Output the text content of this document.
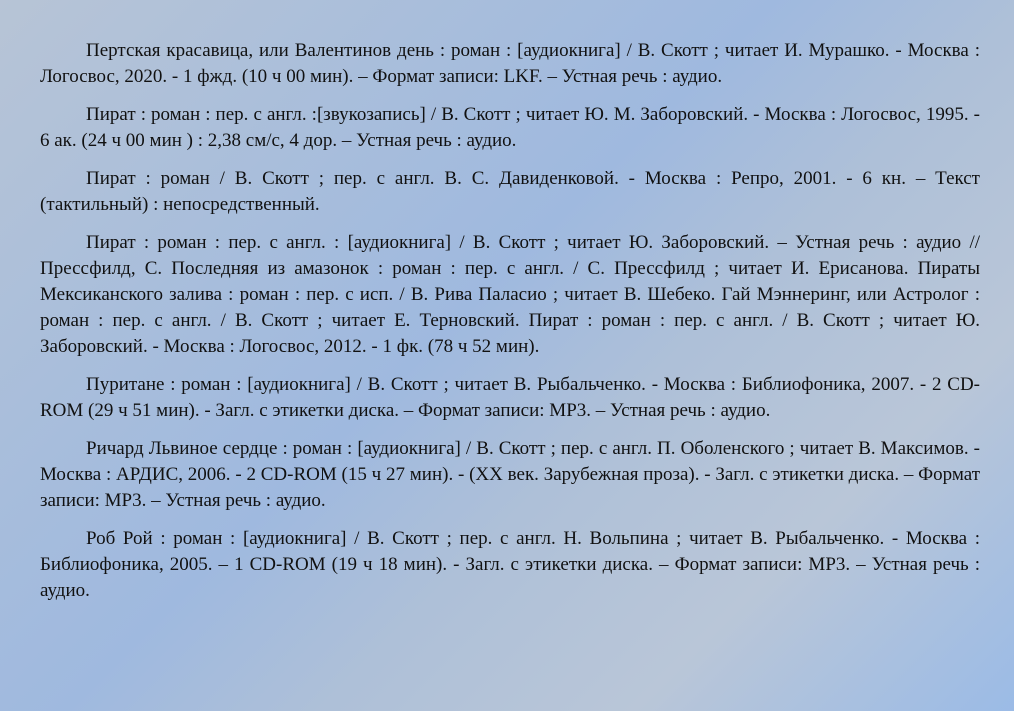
Пертская красавица, или Валентинов день : роман : [аудиокнига] / В. Скотт ; читает И. Мурашко. - Москва : Логосвос, 2020. - 1 фжд. (10 ч 00 мин). – Формат записи: LKF. – Устная речь : аудио.

Пират : роман : пер. с англ. :[звукозапись] / В. Скотт ; читает Ю. М. Заборовский. - Москва : Логосвос, 1995. - 6 ак. (24 ч 00 мин ) : 2,38 см/с, 4 дор. – Устная речь : аудио.

Пират : роман / В. Скотт ; пер. с англ. В. С. Давиденковой. - Москва : Репро, 2001. - 6 кн. – Текст (тактильный) : непосредственный.

Пират : роман : пер. с англ. : [аудиокнига] / В. Скотт ; читает Ю. Заборовский. – Устная речь : аудио // Прессфилд, С. Последняя из амазонок : роман : пер. с англ. / С. Прессфилд ; читает И. Ерисанова. Пираты Мексиканского залива : роман : пер. с исп. / В. Рива Паласио ; читает В. Шебеко. Гай Мэннеринг, или Астролог : роман : пер. с англ. / В. Скотт ; читает Е. Терновский. Пират : роман : пер. с англ. / В. Скотт ; читает Ю. Заборовский. - Москва : Логосвос, 2012. - 1 фк. (78 ч 52 мин).

Пуритане : роман : [аудиокнига] / В. Скотт ; читает В. Рыбальченко. - Москва : Библиофоника, 2007. - 2 CD-ROM (29 ч 51 мин). - Загл. с этикетки диска. – Формат записи: MP3. – Устная речь : аудио.

Ричард Львиное сердце : роман : [аудиокнига] / В. Скотт ; пер. с англ. П. Оболенского ; читает В. Максимов. - Москва : АРДИС, 2006. - 2 CD-ROM (15 ч 27 мин). - (XX век. Зарубежная проза). - Загл. с этикетки диска. – Формат записи: MP3. – Устная речь : аудио.

Роб Рой : роман : [аудиокнига] / В. Скотт ; пер. с англ. Н. Вольпина ; читает В. Рыбальченко. - Москва : Библиофоника, 2005. – 1 CD-ROM (19 ч 18 мин). - Загл. с этикетки диска. – Формат записи: MP3. – Устная речь : аудио.
